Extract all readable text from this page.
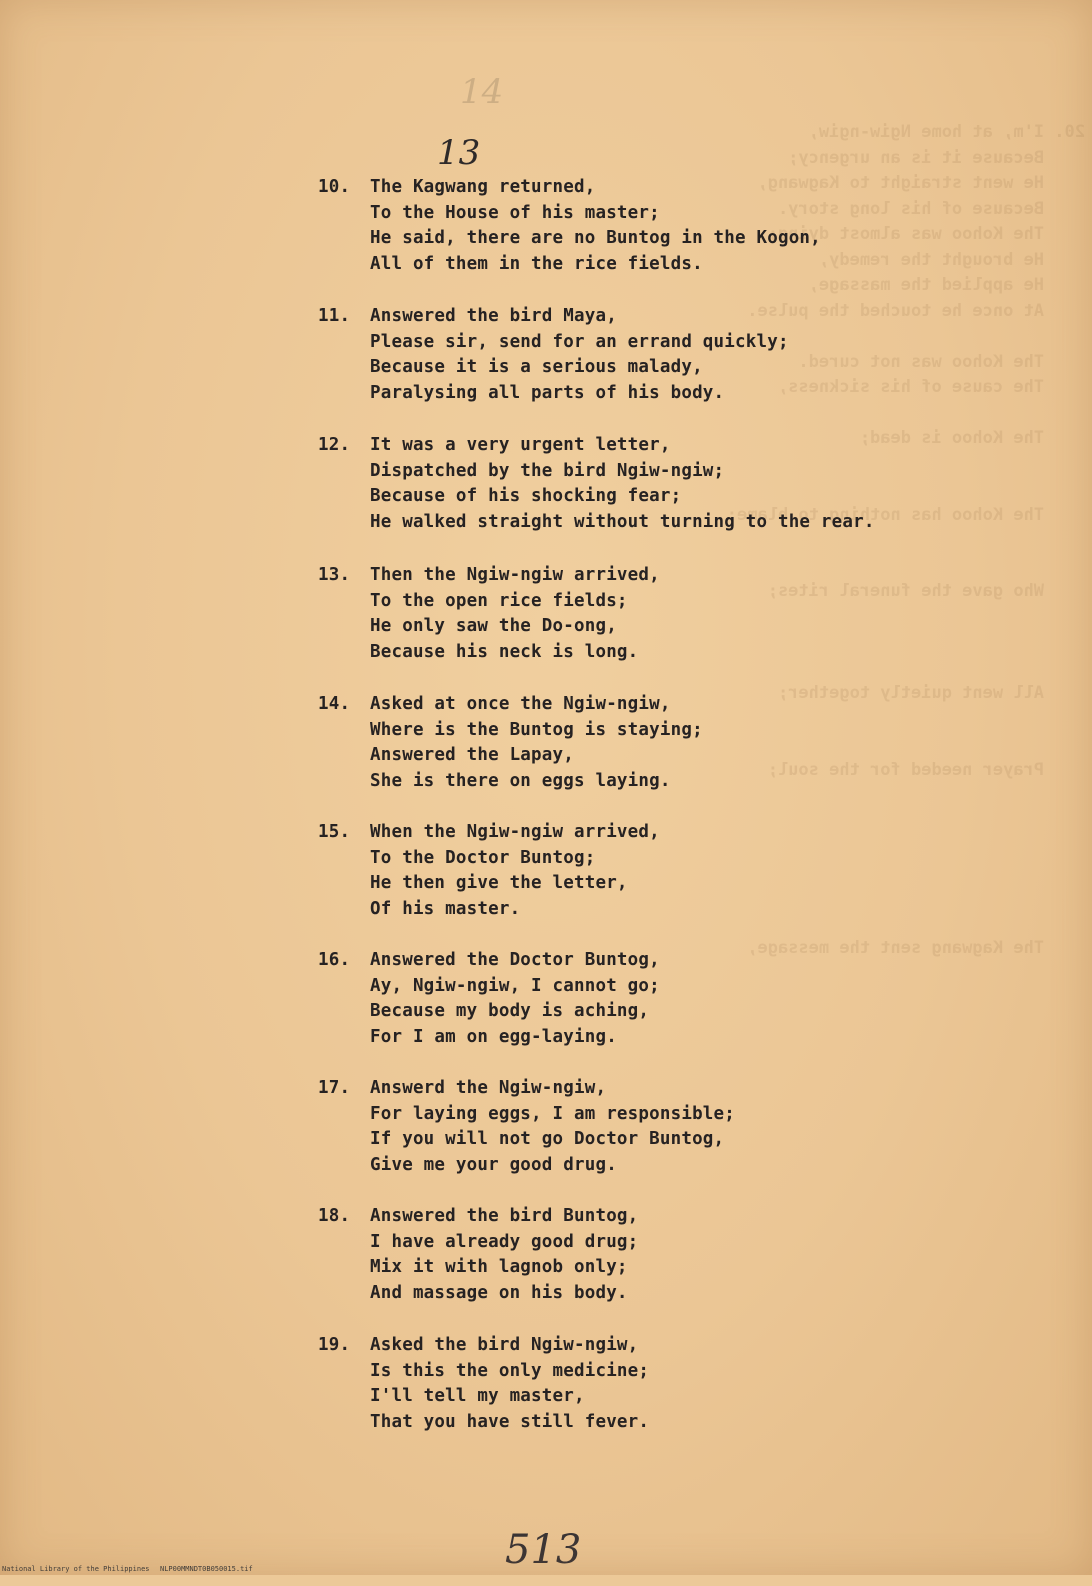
20. I'm, at home Ngiw-ngiw,
Because it is an urgency;
He went straight to Kagwang,
Because of his long story.
The Kohoo was almost dying;
He brought the remedy,
He applied the massage,
At once he touched the pulse.

The Kohoo was not cured.
The cause of his sickness,

The Kohoo is dead;

The Kohoo has nothing to blame;

Who gave the funeral rites;

All went quietly together;

Prayer needed for the soul;

The Kagwang sent the message,
14
13
10. The Kagwang returned,
To the House of his master;
He said, there are no Buntog in the Kogon,
All of them in the rice fields.
11. Answered the bird Maya,
Please sir, send for an errand quickly;
Because it is a serious malady,
Paralysing all parts of his body.
12. It was a very urgent letter,
Dispatched by the bird Ngiw-ngiw;
Because of his shocking fear;
He walked straight without turning to the rear.
13. Then the Ngiw-ngiw arrived,
To the open rice fields;
He only saw the Do-ong,
Because his neck is long.
14. Asked at once the Ngiw-ngiw,
Where is the Buntog is staying;
Answered the Lapay,
She is there on eggs laying.
15. When the Ngiw-ngiw arrived,
To the Doctor Buntog;
He then give the letter,
Of his master.
16. Answered the Doctor Buntog,
Ay, Ngiw-ngiw, I cannot go;
Because my body is aching,
For I am on egg-laying.
17. Answerd the Ngiw-ngiw,
For laying eggs, I am responsible;
If you will not go Doctor Buntog,
Give me your good drug.
18. Answered the bird Buntog,
I have already good drug;
Mix it with lagnob only;
And massage on his body.
19. Asked the bird Ngiw-ngiw,
Is this the only medicine;
I'll tell my master,
That you have still fever.
513

National Library of the Philippines

NLP00MMNDT0B050015.tif
